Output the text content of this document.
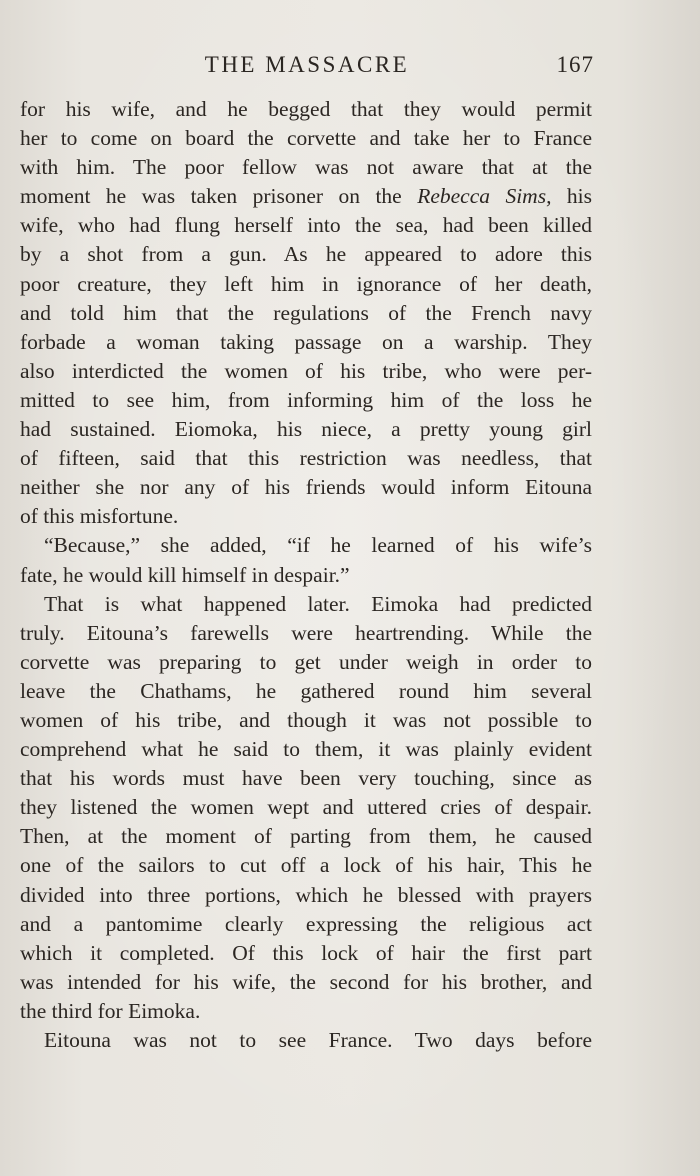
THE MASSACRE	167
for his wife, and he begged that they would permit
her to come on board the corvette and take her to France
with him. The poor fellow was not aware that at the
moment he was taken prisoner on the Rebecca Sims, his
wife, who had flung herself into the sea, had been killed
by a shot from a gun. As he appeared to adore this
poor creature, they left him in ignorance of her death,
and told him that the regulations of the French navy
forbade a woman taking passage on a warship. They
also interdicted the women of his tribe, who were per-
mitted to see him, from informing him of the loss he
had sustained. Eiomoka, his niece, a pretty young girl
of fifteen, said that this restriction was needless, that
neither she nor any of his friends would inform Eitouna
of this misfortune.
“Because,” she added, “if he learned of his wife’s
fate, he would kill himself in despair.”
That is what happened later. Eimoka had predicted
truly. Eitouna’s farewells were heartrending. While the
corvette was preparing to get under weigh in order to
leave the Chathams, he gathered round him several
women of his tribe, and though it was not possible to
comprehend what he said to them, it was plainly evident
that his words must have been very touching, since as
they listened the women wept and uttered cries of despair.
Then, at the moment of parting from them, he caused
one of the sailors to cut off a lock of his hair, This he
divided into three portions, which he blessed with prayers
and a pantomime clearly expressing the religious act
which it completed. Of this lock of hair the first part
was intended for his wife, the second for his brother, and
the third for Eimoka.
Eitouna was not to see France. Two days before
